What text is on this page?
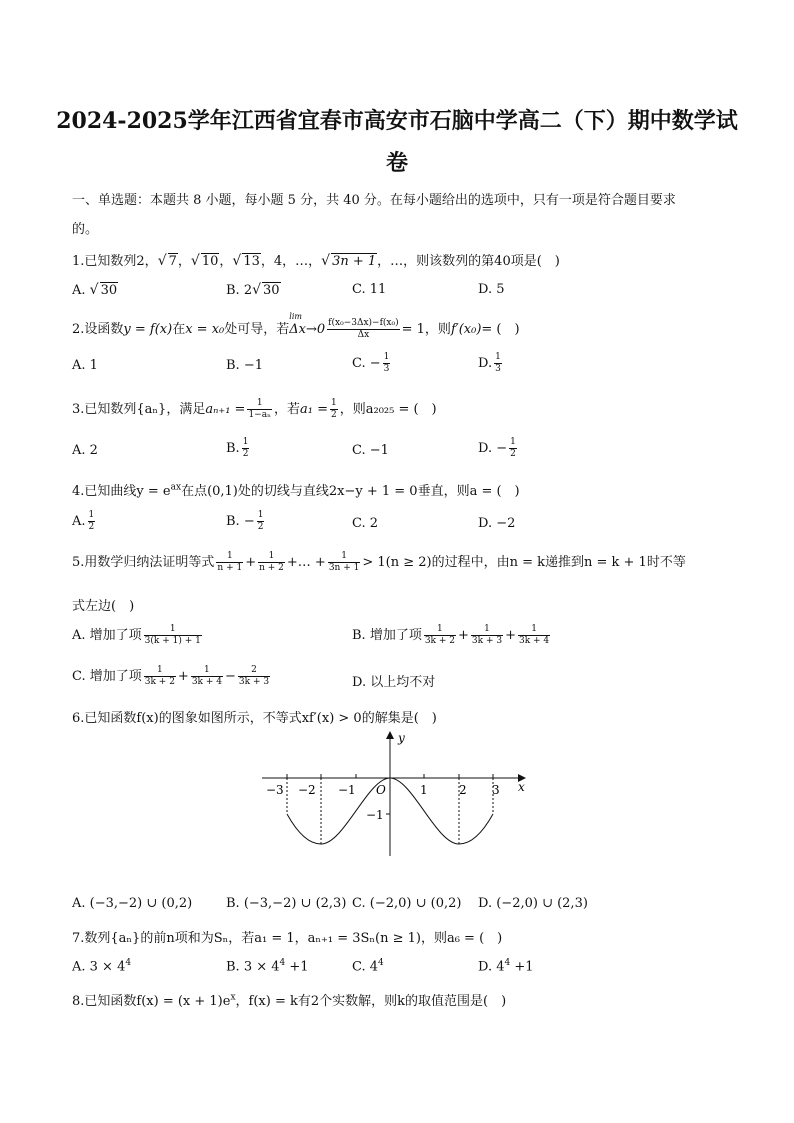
2024-2025学年江西省宜春市高安市石脑中学高二（下）期中数学试
卷
一、单选题：本题共 8 小题，每小题 5 分，共 40 分。在每小题给出的选项中，只有一项是符合题目要求
的。
1.已知数列2，√ 7，√ 10，√ 13，4，…，√ 3n + 1，…，则该数列的第40项是(　)
A. √ 30	B. 2√ 30	C. 11	D. 5
2.设函数y = f(x)在x = x₀处可导，若
lim
$\Delta x\to 0 \frac{\text{f(x₀−3Δx)−f(x₀)}}{\Delta x} = 1$，则f′(x₀)= (　)
A. 1	B. −1	C. − $\frac{1}{3}$	D. $\frac{1}{3}$
3.已知数列{aₙ}，满足$a_{n+1} = \frac{1}{\text{1−aₙ}}$ ，若$a_1 = \frac{1}{2}$ ，则a₂₀₂₅ = (　)
A. 2	B. $\frac{1}{2}$	C. −1	D. − $\frac{1}{2}$
4.已知曲线$y = e^{ax}$在点(0,1)处的切线与直线2x−y + 1 = 0垂直，则a = (　)
A. $\frac{1}{2}$	B. − $\frac{1}{2}$	C. 2	D. −2
5.用数学归纳法证明等式 $\frac{1}{n + 1} + \frac{1}{n + 2}$ +… + $\frac{1}{3n + 1} > 1(n \ge 2)$的过程中，由n = k递推到n = k + 1时不等
式左边(　)
A. 增加了项 $\frac{1}{3(k + 1) + 1}$	B. 增加了项 $\frac{1}{3k + 2} + \frac{1}{3k + 3} + \frac{1}{3k + 4}$
C. 增加了项 $\frac{1}{3k + 2} + \frac{1}{3k + 4} - \frac{2}{3k + 3}$	D. 以上均不对
6.已知函数f(x)的图象如图所示，不等式xf′(x) > 0的解集是(　)
y
x
O
−3 −2 −1	1	2 3
−1
A. (−3,−2) ∪ (0,2)	B. (−3,−2) ∪ (2,3) C. (−2,0) ∪ (0,2) D. (−2,0) ∪ (2,3)
7.数列{aₙ}的前n项和为Sₙ，若a₁ = 1，aₙ₊₁ = 3Sₙ(n ≥ 1)，则a₆ = (　)
A. $3 \times 4^4$	B. $3 \times 4^4 +1$	C. $4^4$	D. $4^4 +1$
8.已知函数$f(x) = (x + 1)e^x$，f(x) = k有2个实数解，则k的取值范围是(　)
